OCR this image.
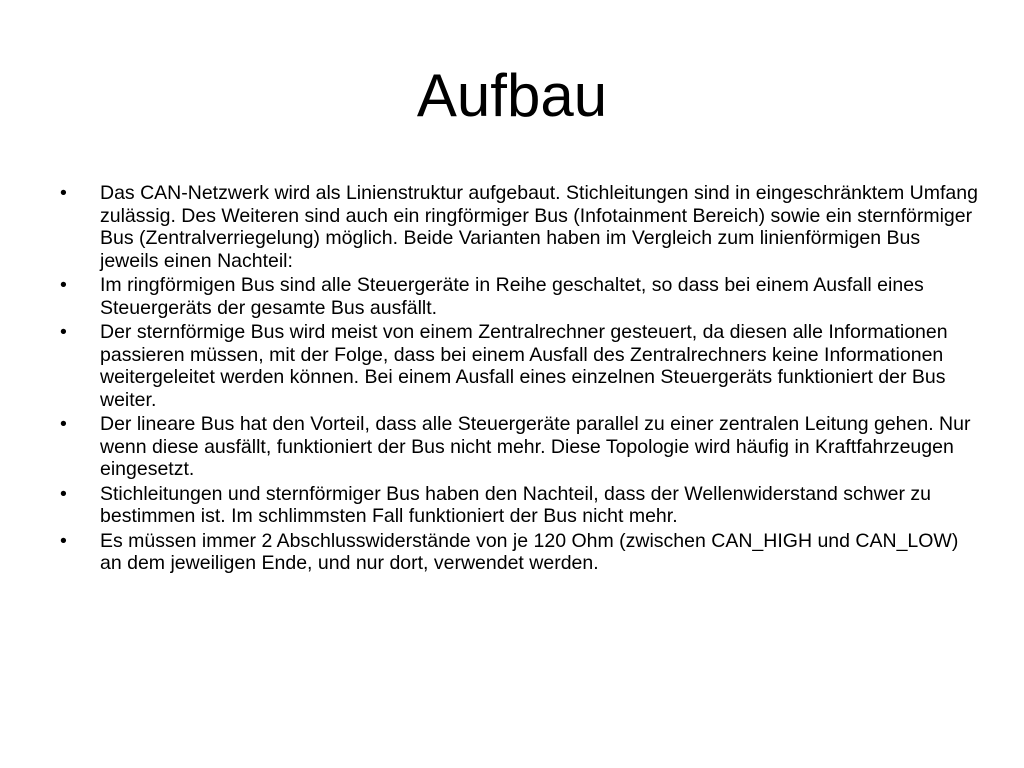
Aufbau
•	Das CAN-Netzwerk wird als Linienstruktur aufgebaut. Stichleitungen sind in eingeschränktem Umfang zulässig. Des Weiteren sind auch ein ringförmiger Bus (Infotainment Bereich) sowie ein sternförmiger Bus (Zentralverriegelung) möglich. Beide Varianten haben im Vergleich zum linienförmigen Bus jeweils einen Nachteil:
•	Im ringförmigen Bus sind alle Steuergeräte in Reihe geschaltet, so dass bei einem Ausfall eines Steuergeräts der gesamte Bus ausfällt.
•	Der sternförmige Bus wird meist von einem Zentralrechner gesteuert, da diesen alle Informationen passieren müssen, mit der Folge, dass bei einem Ausfall des Zentralrechners keine Informationen weitergeleitet werden können. Bei einem Ausfall eines einzelnen Steuergeräts funktioniert der Bus weiter.
•	Der lineare Bus hat den Vorteil, dass alle Steuergeräte parallel zu einer zentralen Leitung gehen. Nur wenn diese ausfällt, funktioniert der Bus nicht mehr. Diese Topologie wird häufig in Kraftfahrzeugen eingesetzt.
•	Stichleitungen und sternförmiger Bus haben den Nachteil, dass der Wellenwiderstand schwer zu bestimmen ist. Im schlimmsten Fall funktioniert der Bus nicht mehr.
•	Es müssen immer 2 Abschlusswiderstände von je 120 Ohm (zwischen CAN_HIGH und CAN_LOW) an dem jeweiligen Ende, und nur dort, verwendet werden.
